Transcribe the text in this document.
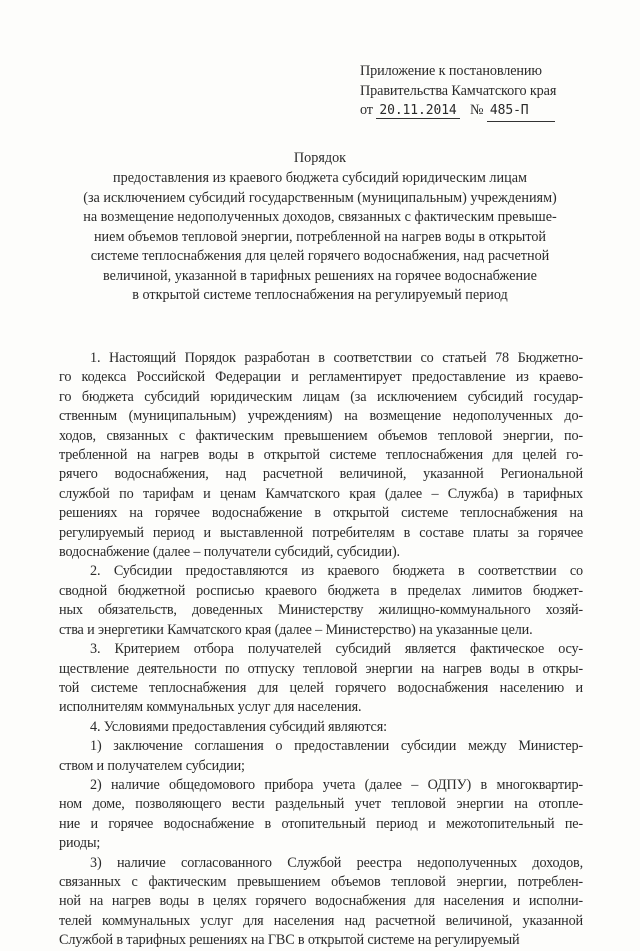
Приложение к постановлению
Правительства Камчатского края
от 20.11.2014 № 485-П
Порядок
предоставления из краевого бюджета субсидий юридическим лицам
(за исключением субсидий государственным (муниципальным) учреждениям)
на возмещение недополученных доходов, связанных с фактическим превыше-
нием объемов тепловой энергии, потребленной на нагрев воды в открытой
системе теплоснабжения для целей горячего водоснабжения, над расчетной
величиной, указанной в тарифных решениях на горячее водоснабжение
в открытой системе теплоснабжения на регулируемый период
1. Настоящий Порядок разработан в соответствии со статьей 78 Бюджетно-
го кодекса Российской Федерации и регламентирует предоставление из краево-
го бюджета субсидий юридическим лицам (за исключением субсидий государ-
ственным (муниципальным) учреждениям) на возмещение недополученных до-
ходов, связанных с фактическим превышением объемов тепловой энергии, по-
требленной на нагрев воды в открытой системе теплоснабжения для целей го-
рячего водоснабжения, над расчетной величиной, указанной Региональной
службой по тарифам и ценам Камчатского края (далее – Служба) в тарифных
решениях на горячее водоснабжение в открытой системе теплоснабжения на
регулируемый период и выставленной потребителям в составе платы за горячее
водоснабжение (далее – получатели субсидий, субсидии).
2. Субсидии предоставляются из краевого бюджета в соответствии со
сводной бюджетной росписью краевого бюджета в пределах лимитов бюджет-
ных обязательств, доведенных Министерству жилищно-коммунального хозяй-
ства и энергетики Камчатского края (далее – Министерство) на указанные цели.
3. Критерием отбора получателей субсидий является фактическое осу-
ществление деятельности по отпуску тепловой энергии на нагрев воды в откры-
той системе теплоснабжения для целей горячего водоснабжения населению и
исполнителям коммунальных услуг для населения.
4. Условиями предоставления субсидий являются:
1) заключение соглашения о предоставлении субсидии между Министер-
ством и получателем субсидии;
2) наличие общедомового прибора учета (далее – ОДПУ) в многоквартир-
ном доме, позволяющего вести раздельный учет тепловой энергии на отопле-
ние и горячее водоснабжение в отопительный период и межотопительный пе-
риоды;
3) наличие согласованного Службой реестра недополученных доходов,
связанных с фактическим превышением объемов тепловой энергии, потреблен-
ной на нагрев воды в целях горячего водоснабжения для населения и исполни-
телей коммунальных услуг для населения над расчетной величиной, указанной
Службой в тарифных решениях на ГВС в открытой системе на регулируемый
